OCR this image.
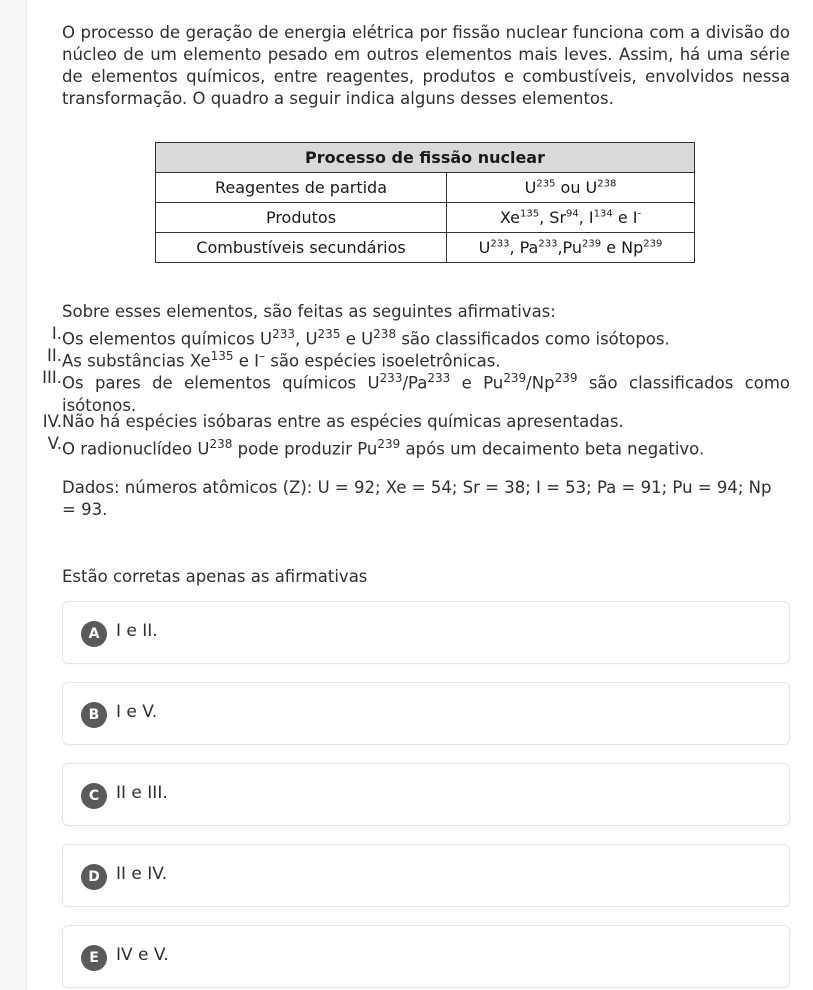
O processo de geração de energia elétrica por fissão nuclear funciona com a divisão do núcleo de um elemento pesado em outros elementos mais leves. Assim, há uma série de elementos químicos, entre reagentes, produtos e combustíveis, envolvidos nessa transformação. O quadro a seguir indica alguns desses elementos.

Processo de fissão nuclear	
Reagentes de partida	$U^{235}$ ou $U^{238}$
Produtos	Xe$^{135}$, Sr$^{94}$, $I^{134}$ e I-
Combustíveis secundários	$U^{233}$, Pa$^{233}$,Pu$^{239}$ e Np$^{239}$
Sobre esses elementos, são feitas as seguintes afirmativas:
I. Os elementos químicos $U^{233}$, $U^{235}$ e $U^{238}$ são classificados como isótopos.
II. As substâncias Xe$^{135}$ e I– são espécies isoeletrônicas.
III. Os pares de elementos químicos $U^{233}/Pa^{233}$ e Pu$^{239}$/Np$^{239}$ são classificados como isótonos.
IV. Não há espécies isóbaras entre as espécies químicas apresentadas.
V. O radionuclídeo $U^{238}$ pode produzir Pu$^{239}$ após um decaimento beta negativo.
Dados: números atômicos (Z): U = 92; Xe = 54; Sr = 38; I = 53; Pa = 91; Pu = 94; Np = 93.
Estão corretas apenas as afirmativas
A I e II.
B I e V.
C II e III.
D II e IV.
E	IV e V.
